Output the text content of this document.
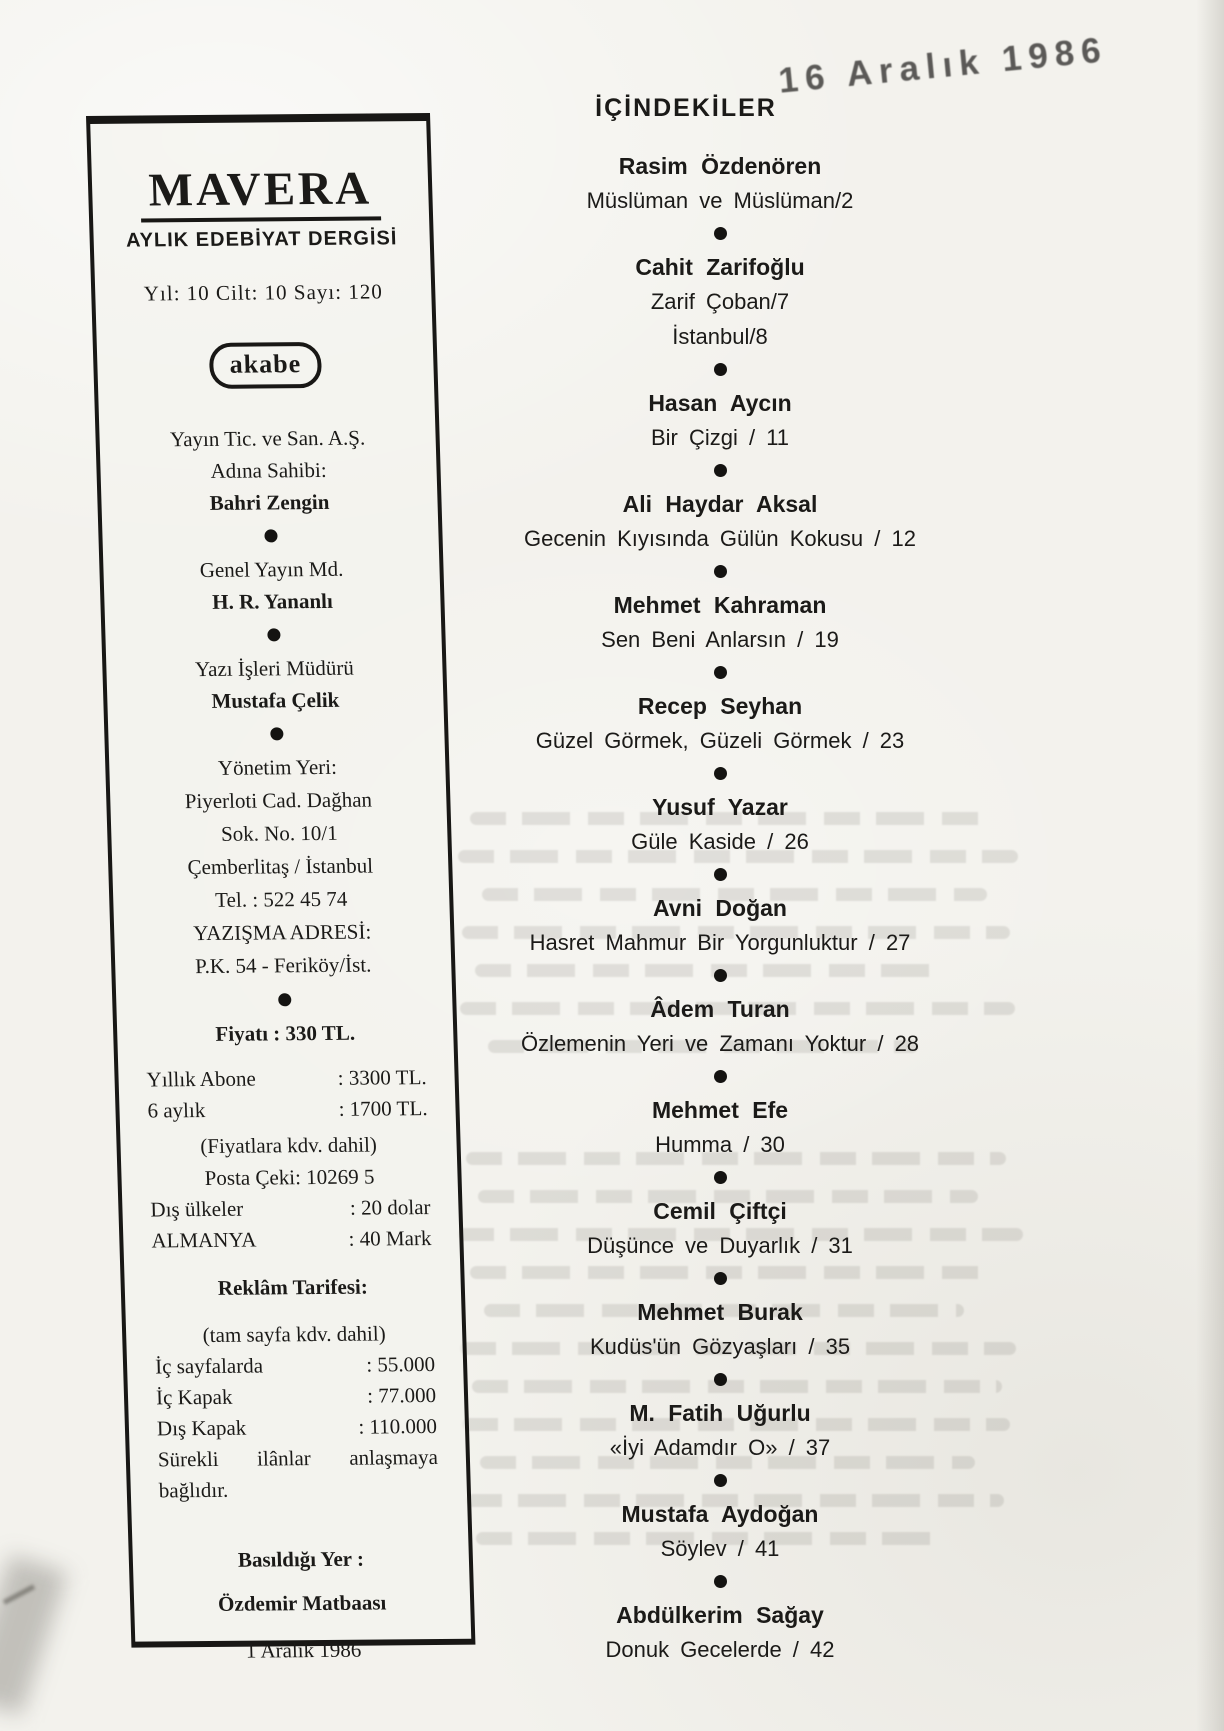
16 Aralık 1986
MAVERA
AYLIK EDEBİYAT DERGİSİ
Yıl: 10 Cilt: 10 Sayı: 120
akabe
Yayın Tic. ve San. A.Ş.
Adına Sahibi:
Bahri Zengin
Genel Yayın Md.
H. R. Yananlı
Yazı İşleri Müdürü
Mustafa Çelik
Yönetim Yeri:
Piyerloti Cad. Dağhan
Sok. No. 10/1
Çemberlitaş / İstanbul
Tel. : 522 45 74
YAZIŞMA ADRESİ:
P.K. 54 - Feriköy/İst.
Fiyatı : 330 TL.
Yıllık Abone	: 3300 TL.
6 aylık	: 1700 TL.
(Fiyatlara kdv. dahil)
Posta Çeki: 10269 5
Dış ülkeler	: 20 dolar
ALMANYA	: 40 Mark
Reklâm Tarifesi:
(tam sayfa kdv. dahil)
İç sayfalarda	: 55.000
İç Kapak	: 77.000
Dış Kapak	: 110.000
Sürekli ilânlar anlaşmaya bağlıdır.
Basıldığı Yer :
Özdemir Matbaası
1 Aralık 1986
İÇİNDEKİLER
Rasim Özdenören
Müslüman ve Müslüman/2
Cahit Zarifoğlu
Zarif Çoban/7
İstanbul/8
Hasan Aycın
Bir Çizgi / 11
Ali Haydar Aksal
Gecenin Kıyısında Gülün Kokusu / 12
Mehmet Kahraman
Sen Beni Anlarsın / 19
Recep Seyhan
Güzel Görmek, Güzeli Görmek / 23
Yusuf Yazar
Güle Kaside / 26
Avni Doğan
Hasret Mahmur Bir Yorgunluktur / 27
Âdem Turan
Özlemenin Yeri ve Zamanı Yoktur / 28
Mehmet Efe
Humma / 30
Cemil Çiftçi
Düşünce ve Duyarlık / 31
Mehmet Burak
Kudüs'ün Gözyaşları / 35
M. Fatih Uğurlu
«İyi Adamdır O» / 37
Mustafa Aydoğan
Söylev / 41
Abdülkerim Sağay
Donuk Gecelerde / 42
